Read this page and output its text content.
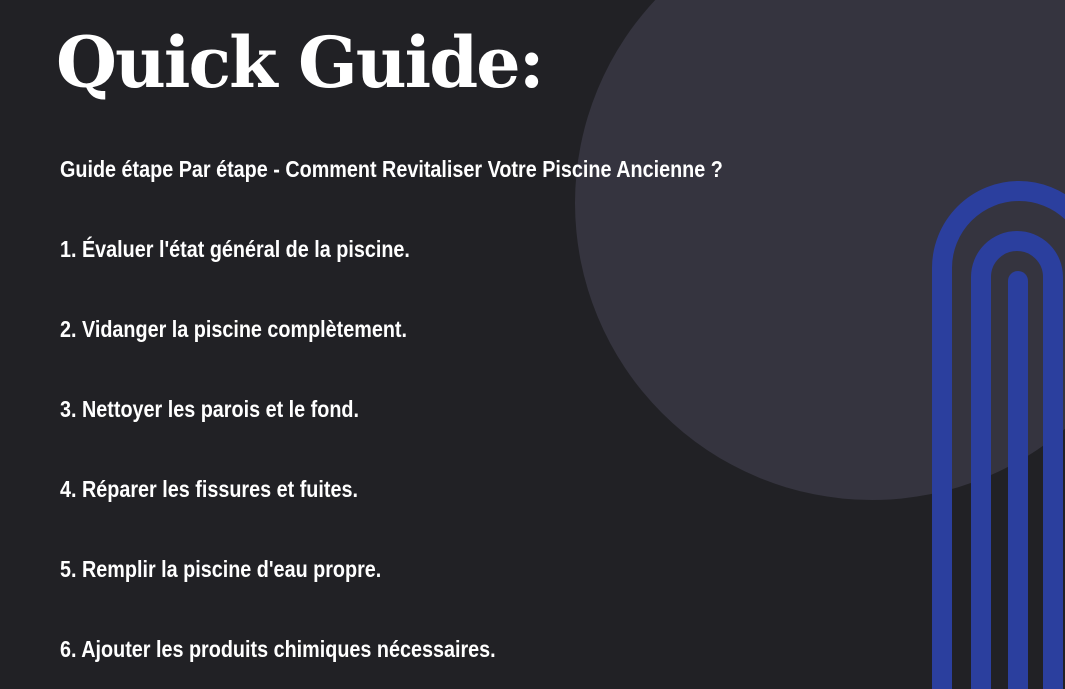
Quick Guide:

Guide étape Par étape - Comment Revitaliser Votre Piscine Ancienne ?

1. Évaluer l'état général de la piscine.

2. Vidanger la piscine complètement.

3. Nettoyer les parois et le fond.

4. Réparer les fissures et fuites.

5. Remplir la piscine d'eau propre.

6. Ajouter les produits chimiques nécessaires.
